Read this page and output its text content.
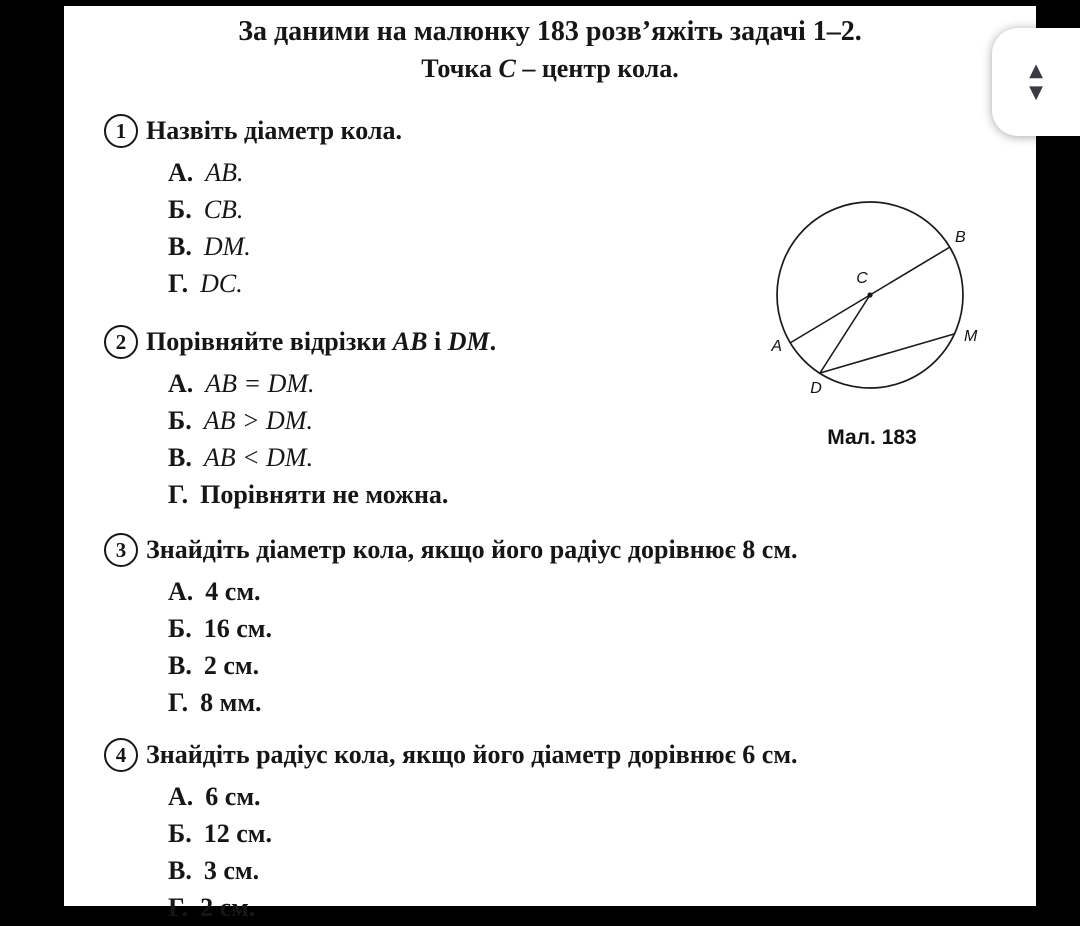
За даними на малюнку 183 розв’яжіть задачі 1–2.
Точка C – центр кола.
1 Назвіть діаметр кола.
А. AB.
Б. CB.
В. DM.
Г. DC.
2 Порівняйте відрізки AB і DM.
А. AB = DM.
Б. AB > DM.
В. AB < DM.
Г. Порівняти не можна.
3 Знайдіть діаметр кола, якщо його радіус дорівнює 8 см.
А. 4 см.
Б. 16 см.
В. 2 см.
Г. 8 мм.
4 Знайдіть радіус кола, якщо його діаметр дорівнює 6 см.
А. 6 см.
Б. 12 см.
В. 3 см.
Г. 2 см.
C
B
M
A
D
Мал. 183
▲
▼
